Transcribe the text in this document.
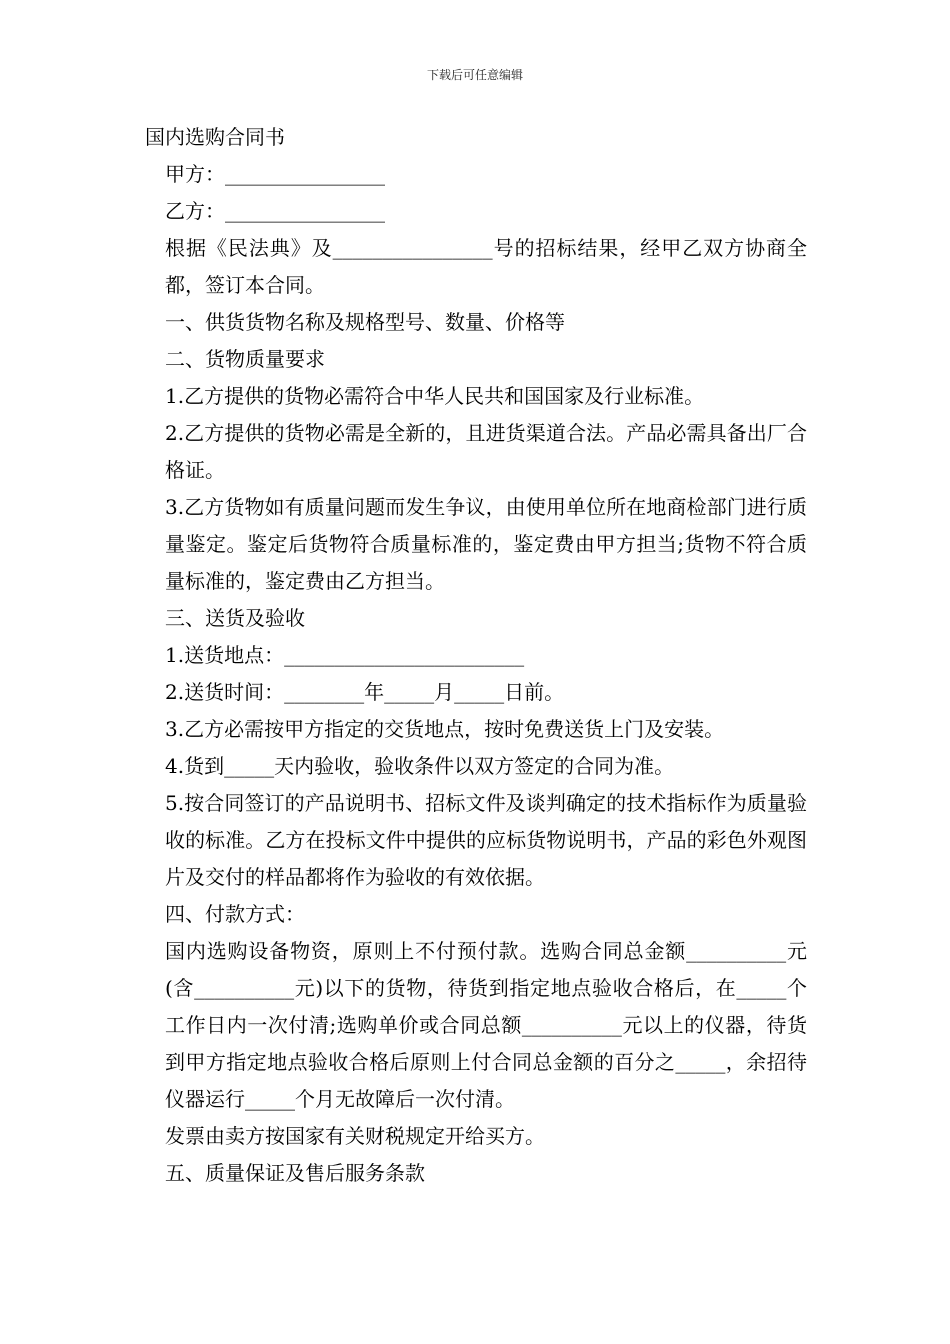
下载后可任意编辑

国内选购合同书

甲方：________________

乙方：________________

根据《民法典》及________________号的招标结果，经甲乙双方协商全都，签订本合同。

一、供货货物名称及规格型号、数量、价格等

二、货物质量要求

1.乙方提供的货物必需符合中华人民共和国国家及行业标准。

2.乙方提供的货物必需是全新的，且进货渠道合法。产品必需具备出厂合格证。

3.乙方货物如有质量问题而发生争议，由使用单位所在地商检部门进行质量鉴定。鉴定后货物符合质量标准的，鉴定费由甲方担当;货物不符合质量标准的，鉴定费由乙方担当。

三、送货及验收

1.送货地点：________________________

2.送货时间：________年_____月_____日前。

3.乙方必需按甲方指定的交货地点，按时免费送货上门及安装。

4.货到_____天内验收，验收条件以双方签定的合同为准。

5.按合同签订的产品说明书、招标文件及谈判确定的技术指标作为质量验收的标准。乙方在投标文件中提供的应标货物说明书，产品的彩色外观图片及交付的样品都将作为验收的有效依据。

四、付款方式：

国内选购设备物资，原则上不付预付款。选购合同总金额__________元(含__________元)以下的货物，待货到指定地点验收合格后，在_____个工作日内一次付清;选购单价或合同总额__________元以上的仪器，待货到甲方指定地点验收合格后原则上付合同总金额的百分之_____，余招待仪器运行_____个月无故障后一次付清。

发票由卖方按国家有关财税规定开给买方。

五、质量保证及售后服务条款
